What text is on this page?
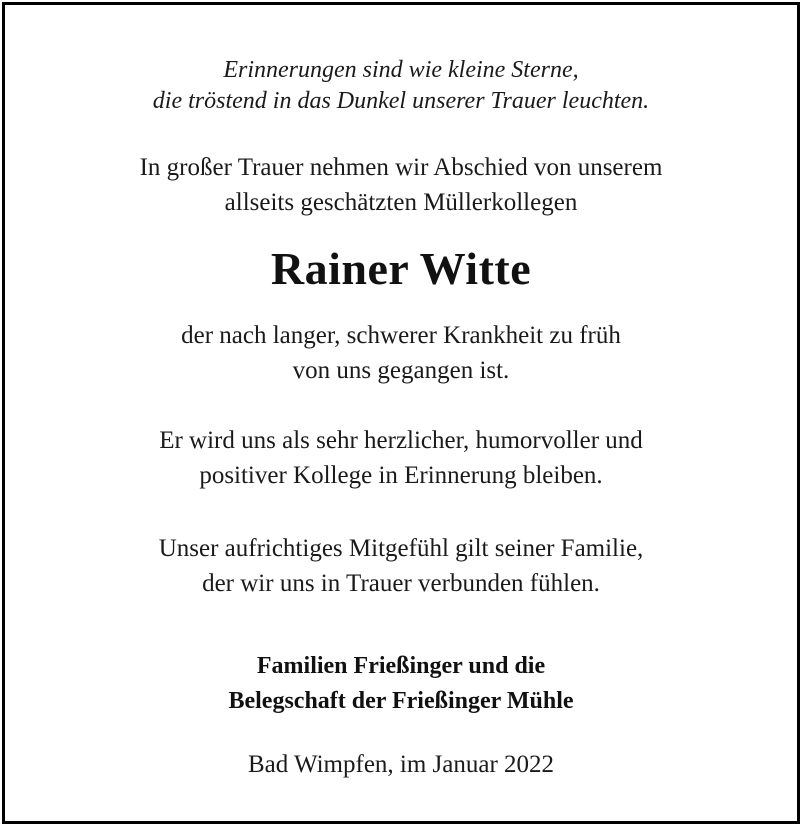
Erinnerungen sind wie kleine Sterne,
die tröstend in das Dunkel unserer Trauer leuchten.
In großer Trauer nehmen wir Abschied von unserem
allseits geschätzten Müllerkollegen
Rainer Witte
der nach langer, schwerer Krankheit zu früh
von uns gegangen ist.
Er wird uns als sehr herzlicher, humorvoller und
positiver Kollege in Erinnerung bleiben.
Unser aufrichtiges Mitgefühl gilt seiner Familie,
der wir uns in Trauer verbunden fühlen.
Familien Frießinger und die
Belegschaft der Frießinger Mühle
Bad Wimpfen, im Januar 2022
